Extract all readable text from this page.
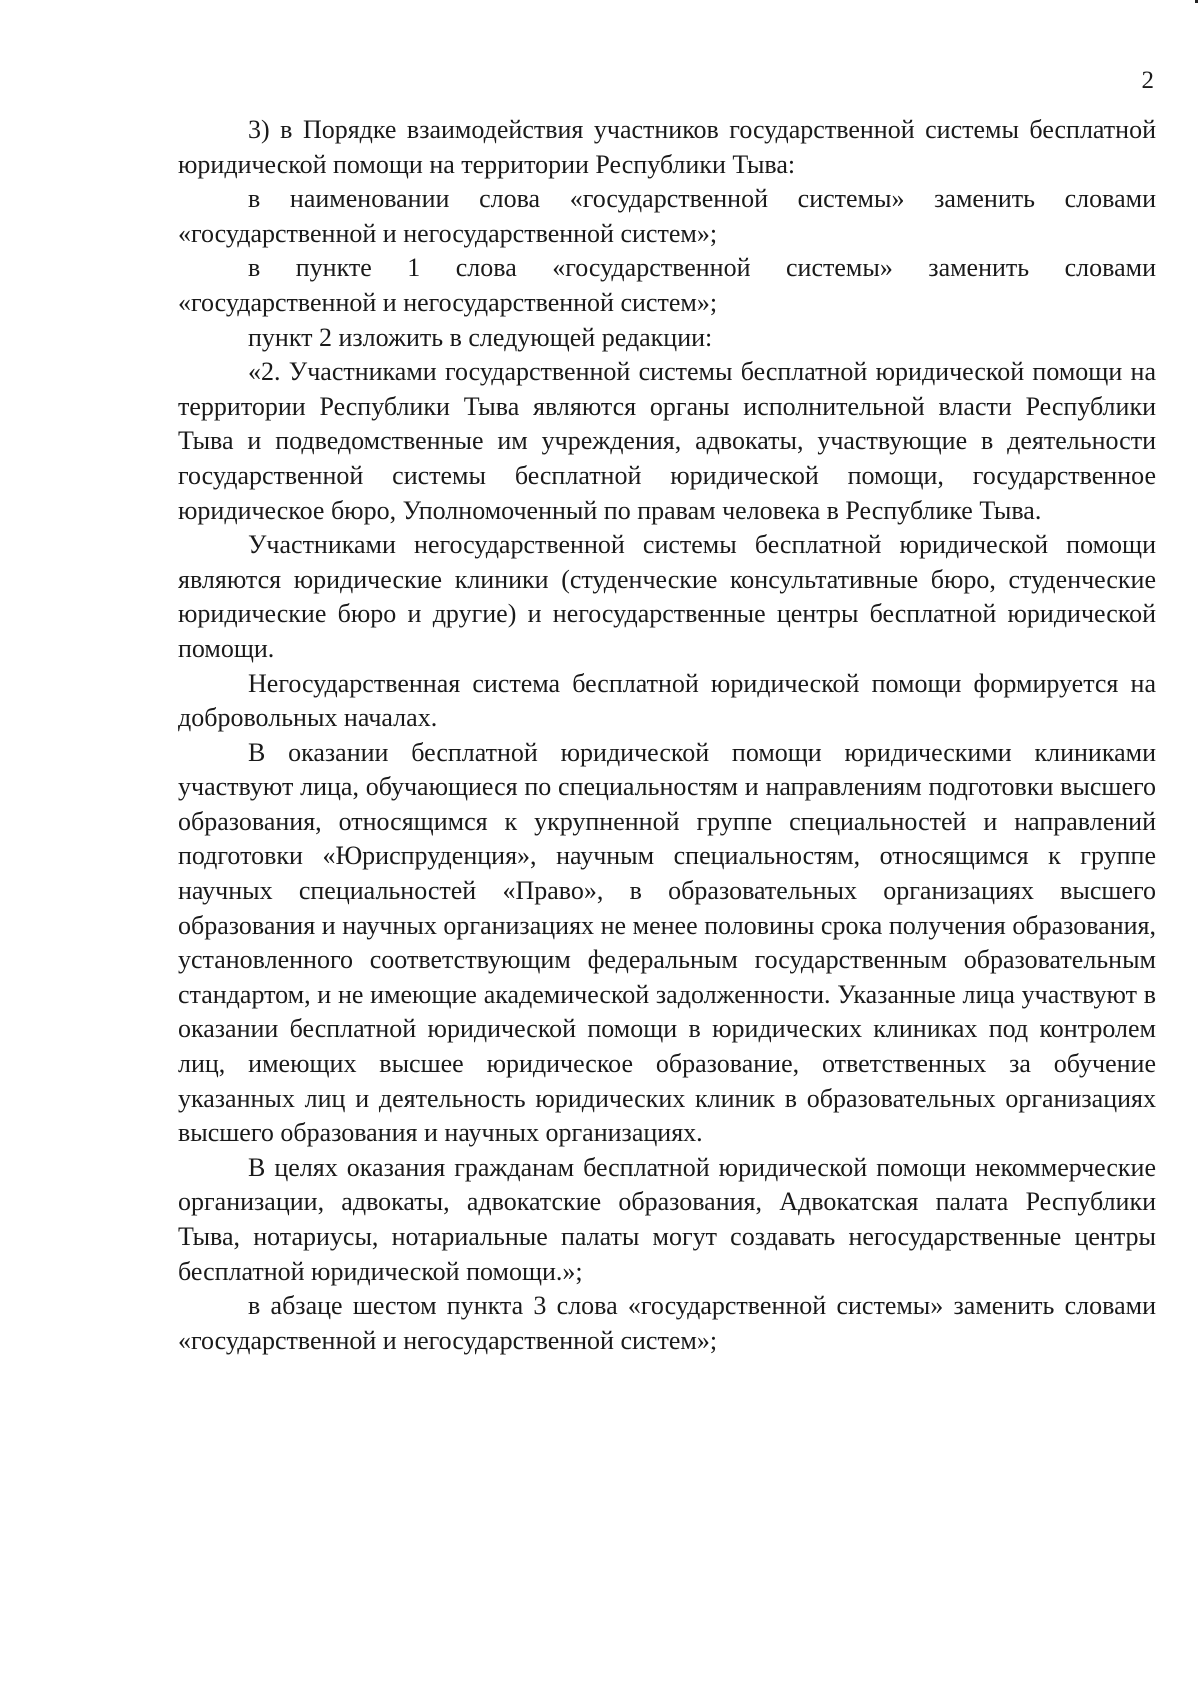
2

3) в Порядке взаимодействия участников государственной системы бесплатной юридической помощи на территории Республики Тыва:

в наименовании слова «государственной системы» заменить словами «государственной и негосударственной систем»;

в пункте 1 слова «государственной системы» заменить словами «государственной и негосударственной систем»;

пункт 2 изложить в следующей редакции:

«2. Участниками государственной системы бесплатной юридической помощи на территории Республики Тыва являются органы исполнительной власти Республики Тыва и подведомственные им учреждения, адвокаты, участвующие в деятельности государственной системы бесплатной юридической помощи, государственное юридическое бюро, Уполномоченный по правам человека в Республике Тыва.

Участниками негосударственной системы бесплатной юридической помощи являются юридические клиники (студенческие консультативные бюро, студенческие юридические бюро и другие) и негосударственные центры бесплатной юридической помощи.

Негосударственная система бесплатной юридической помощи формируется на добровольных началах.

В оказании бесплатной юридической помощи юридическими клиниками участвуют лица, обучающиеся по специальностям и направлениям подготовки высшего образования, относящимся к укрупненной группе специальностей и направлений подготовки «Юриспруденция», научным специальностям, относящимся к группе научных специальностей «Право», в образовательных организациях высшего образования и научных организациях не менее половины срока получения образования, установленного соответствующим федеральным государственным образовательным стандартом, и не имеющие академической задолженности. Указанные лица участвуют в оказании бесплатной юридической помощи в юридических клиниках под контролем лиц, имеющих высшее юридическое образование, ответственных за обучение указанных лиц и деятельность юридических клиник в образовательных организациях высшего образования и научных организациях.

В целях оказания гражданам бесплатной юридической помощи некоммерческие организации, адвокаты, адвокатские образования, Адвокатская палата Республики Тыва, нотариусы, нотариальные палаты могут создавать негосударственные центры бесплатной юридической помощи.»;

в абзаце шестом пункта 3 слова «государственной системы» заменить словами «государственной и негосударственной систем»;
